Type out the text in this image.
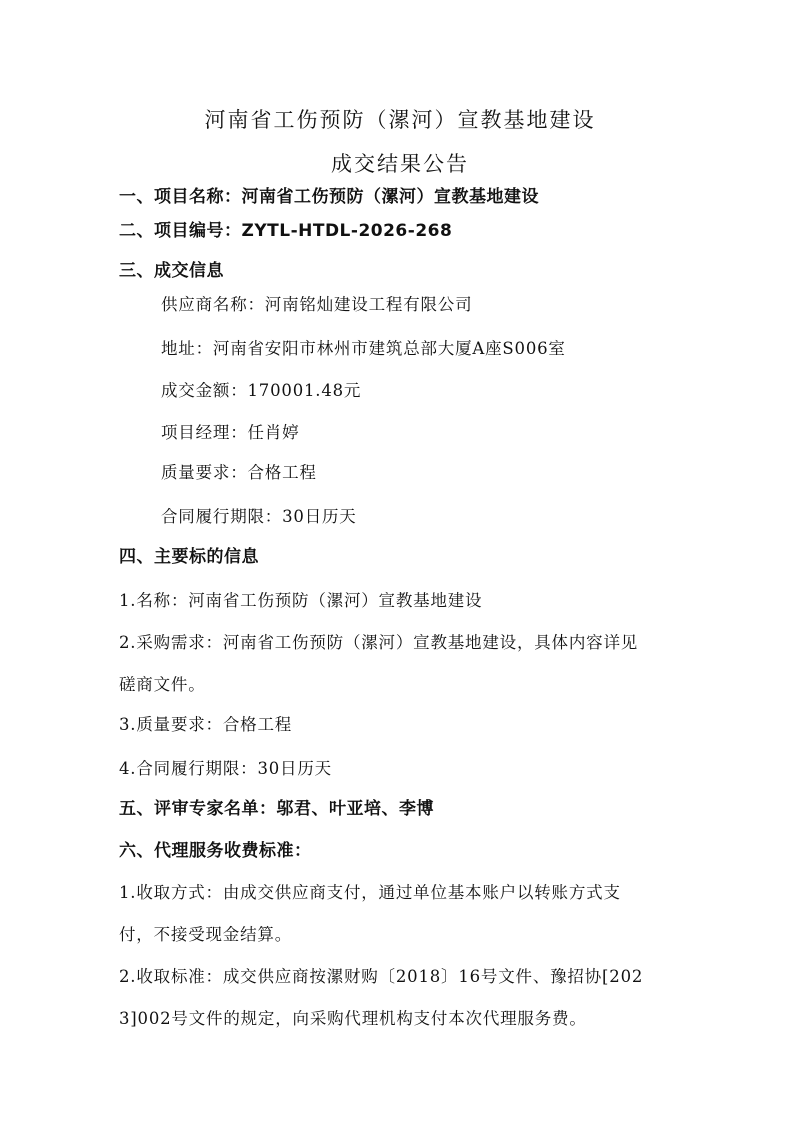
河南省工伤预防（漯河）宣教基地建设
成交结果公告
一、项目名称：河南省工伤预防（漯河）宣教基地建设
二、项目编号：ZYTL-HTDL-2026-268
三、成交信息
供应商名称：河南铭灿建设工程有限公司
地址：河南省安阳市林州市建筑总部大厦A座S006室
成交金额：170001.48元
项目经理：任肖婷
质量要求：合格工程
合同履行期限：30日历天
四、主要标的信息
1.名称：河南省工伤预防（漯河）宣教基地建设
2.采购需求：河南省工伤预防（漯河）宣教基地建设，具体内容详见
磋商文件。
3.质量要求：合格工程
4.合同履行期限：30日历天
五、评审专家名单：邬君、叶亚培、李博
六、代理服务收费标准：
1.收取方式：由成交供应商支付，通过单位基本账户以转账方式支
付，不接受现金结算。
2.收取标准：成交供应商按漯财购〔2018〕16号文件、豫招协[202
3]002号文件的规定，向采购代理机构支付本次代理服务费。
